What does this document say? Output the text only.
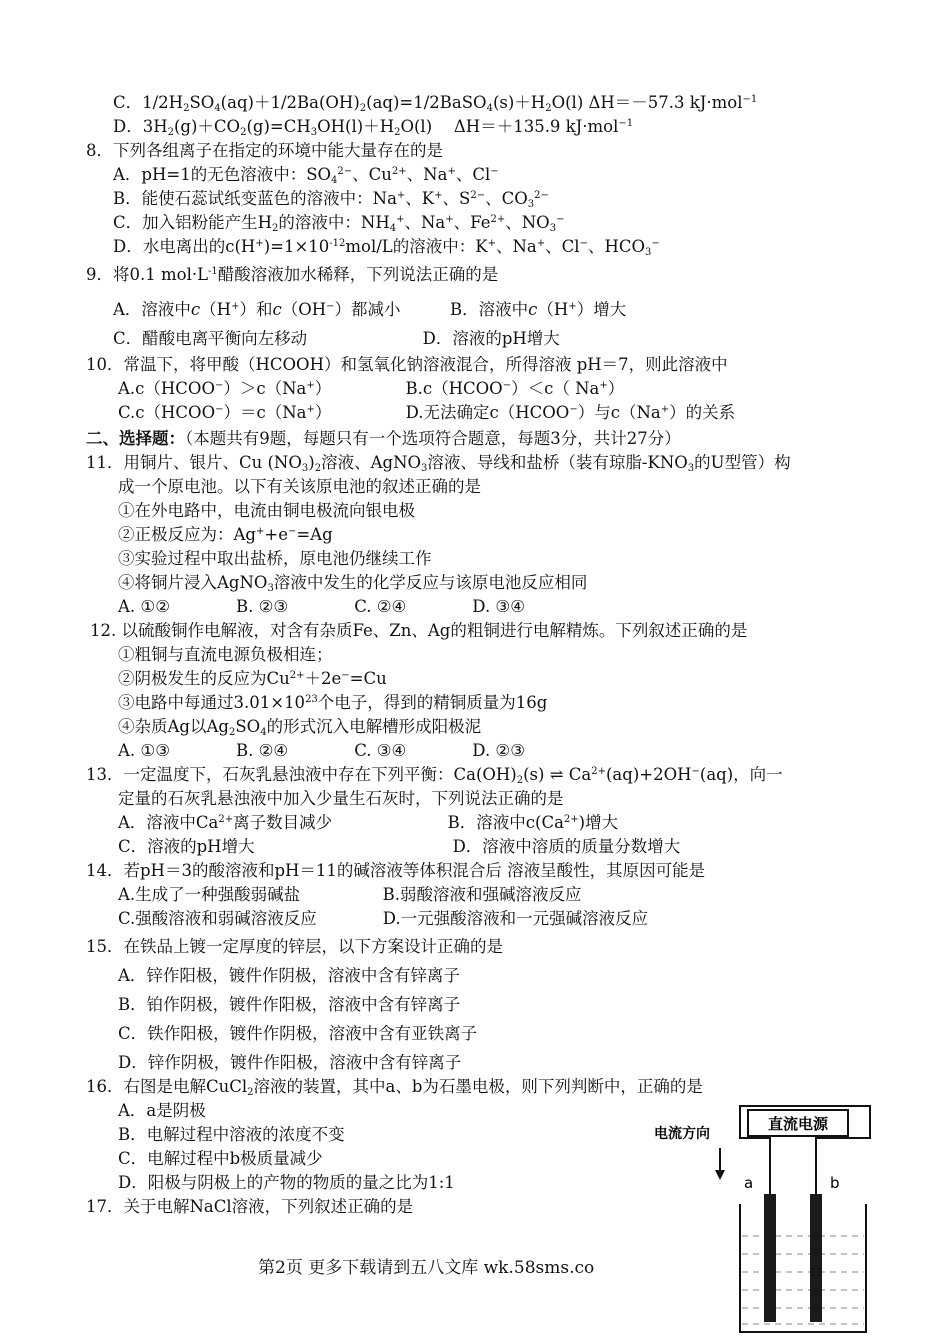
C．$1/2H_2SO_4(aq)+1/2Ba(OH)_2(aq)=1/2BaSO_4(s)+H_2O(l)$ ΔH＝－57.3 kJ·mol$^{-1}$
D．$3H_2(g)+CO_2(g)=CH_3OH(l)+H_2O(l)$　 ΔH＝＋135.9 kJ·mol$^{-1}$
8．下列各组离子在指定的环境中能大量存在的是
A．pH=1的无色溶液中：$SO_4^{2-}$、$Cu^{2+}$、Na+、Cl−
B．能使石蕊试纸变蓝色的溶液中：Na+、K+、$S^{2-}$、$CO_3^{2-}$
C．加入铝粉能产生$H_2$的溶液中：$NH_4^+$、Na+、$Fe^{2+}$、$NO_3^-$
D．水电离出的$c(H^+)=1\times 10^{-12}mol/L$的溶液中：K+、Na+、Cl−、$HCO_3^-$
9．将0.1 $mol\cdot L^{-1}$醋酸溶液加水稀释，下列说法正确的是
A．溶液中c（H+）和c（OH−）都减小　　　B．溶液中c（H+）增大
C．醋酸电离平衡向左移动　　　　　　　D．溶液的pH增大
10．常温下，将甲酸（HCOOH）和氢氧化钠溶液混合，所得溶液 pH＝7，则此溶液中
A.c（HCOO−）＞c（Na+）　　　　　B.c（HCOO−）＜c（ Na+）
C.c（HCOO−）＝c（Na+）　　　　　D.无法确定c（HCOO−）与c（Na+）的关系
二、选择题：（本题共有9题，每题只有一个选项符合题意，每题3分，共计27分）
11．用铜片、银片、Cu $(NO_3)_2$溶液、AgNO$_3$溶液、导线和盐桥（装有琼脂$-KNO_3$的U型管）构
成一个原电池。以下有关该原电池的叙述正确的是
①在外电路中，电流由铜电极流向银电极
②正极反应为：Ag++e−=Ag
③实验过程中取出盐桥，原电池仍继续工作
④将铜片浸入AgNO$_3$溶液中发生的化学反应与该原电池反应相同
A. ①②　　　　B. ②③　　　　C. ②④　　　　D. ③④
12. 以硫酸铜作电解液，对含有杂质Fe、Zn、Ag的粗铜进行电解精炼。下列叙述正确的是
①粗铜与直流电源负极相连；
②阴极发生的反应为$Cu^{2+}+2e^-=Cu$
③电路中每通过$3.01\times 10^{23}$个电子，得到的精铜质量为16g
④杂质Ag以$Ag_2SO_4$的形式沉入电解槽形成阳极泥
A. ①③　　　　B. ②④　　　　C. ③④　　　　D. ②③
13．一定温度下，石灰乳悬浊液中存在下列平衡：$Ca(OH)_2(s)$ ⇌ $Ca^{2+}(aq)+2OH^-(aq)$，向一
定量的石灰乳悬浊液中加入少量生石灰时，下列说法正确的是
A．溶液中$Ca^{2+}$离子数目减少　　　　　　　B．溶液中$c(Ca^{2+})$增大
C．溶液的pH增大　　　　　　　　　　　　D．溶液中溶质的质量分数增大
14．若pH＝3的酸溶液和pH＝11的碱溶液等体积混合后 溶液呈酸性，其原因可能是
A.生成了一种强酸弱碱盐　　　　　B.弱酸溶液和强碱溶液反应
C.强酸溶液和弱碱溶液反应　　　　D.一元强酸溶液和一元强碱溶液反应
15．在铁品上镀一定厚度的锌层，以下方案设计正确的是
A．锌作阳极，镀件作阴极，溶液中含有锌离子
B．铂作阴极，镀件作阳极，溶液中含有锌离子
C．铁作阳极，镀件作阴极，溶液中含有亚铁离子
D．锌作阴极，镀件作阳极，溶液中含有锌离子
16．右图是电解CuCl$_2$溶液的装置，其中a、b为石墨电极，则下列判断中，正确的是
A．a是阴极
B．电解过程中溶液的浓度不变
C．电解过程中b极质量减少
D．阳极与阴极上的产物的物质的量之比为1:1
17．关于电解NaCl溶液，下列叙述正确的是
第2页 更多下载请到五八文库 wk.58sms.co
直流电源
电流方向
a	b
